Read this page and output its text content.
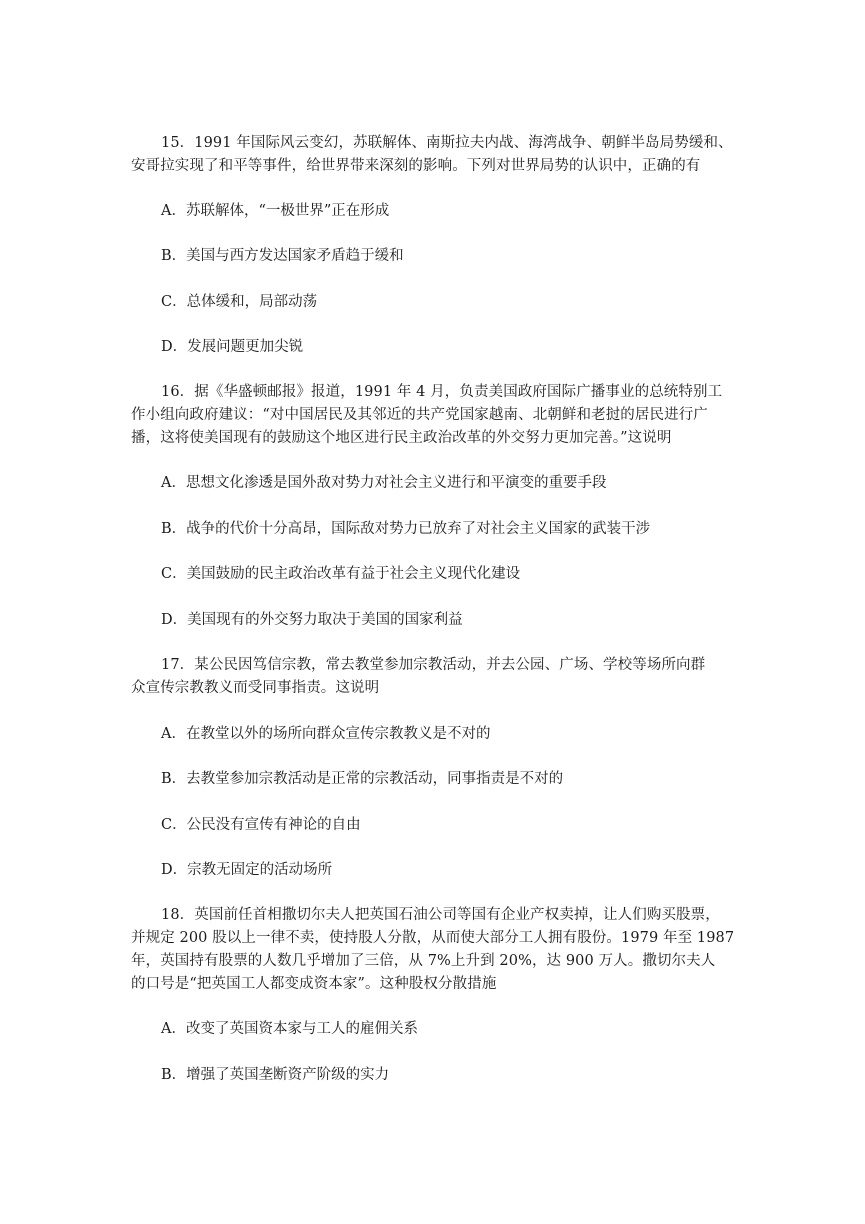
15．1991 年国际风云变幻，苏联解体、南斯拉夫内战、海湾战争、朝鲜半岛局势缓和、
安哥拉实现了和平等事件，给世界带来深刻的影响。下列对世界局势的认识中，正确的有
A．苏联解体，“一极世界”正在形成
B．美国与西方发达国家矛盾趋于缓和
C．总体缓和，局部动荡
D．发展问题更加尖锐
16．据《华盛顿邮报》报道，1991 年 4 月，负责美国政府国际广播事业的总统特别工
作小组向政府建议：“对中国居民及其邻近的共产党国家越南、北朝鲜和老挝的居民进行广
播，这将使美国现有的鼓励这个地区进行民主政治改革的外交努力更加完善。”这说明
A．思想文化渗透是国外敌对势力对社会主义进行和平演变的重要手段
B．战争的代价十分高昂，国际敌对势力已放弃了对社会主义国家的武装干涉
C．美国鼓励的民主政治改革有益于社会主义现代化建设
D．美国现有的外交努力取决于美国的国家利益
17．某公民因笃信宗教，常去教堂参加宗教活动，并去公园、广场、学校等场所向群
众宣传宗教教义而受同事指责。这说明
A．在教堂以外的场所向群众宣传宗教教义是不对的
B．去教堂参加宗教活动是正常的宗教活动，同事指责是不对的
C．公民没有宣传有神论的自由
D．宗教无固定的活动场所
18．英国前任首相撒切尔夫人把英国石油公司等国有企业产权卖掉，让人们购买股票，
并规定 200 股以上一律不卖，使持股人分散，从而使大部分工人拥有股份。1979 年至 1987
年，英国持有股票的人数几乎增加了三倍，从 7%上升到 20%，达 900 万人。撒切尔夫人
的口号是“把英国工人都变成资本家”。这种股权分散措施
A．改变了英国资本家与工人的雇佣关系
B．增强了英国垄断资产阶级的实力
